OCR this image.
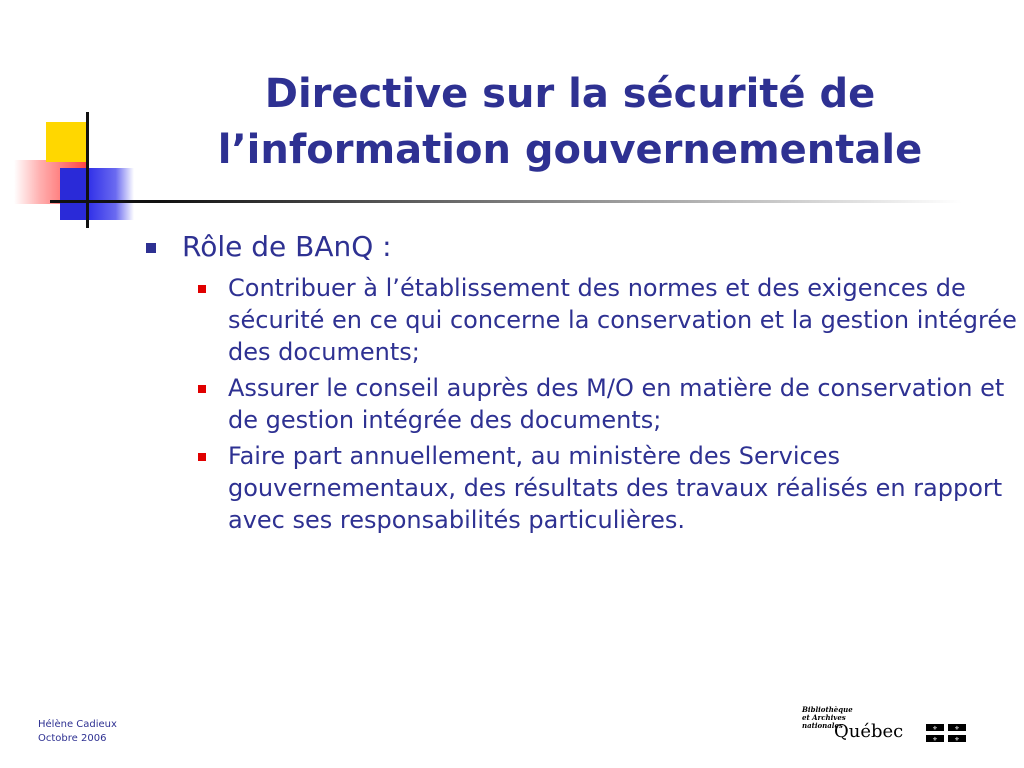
Directive sur la sécurité de
l’information gouvernementale
Rôle de BAnQ :
Contribuer à l’établissement des normes et des exigences de sécurité en ce qui concerne la conservation et la gestion intégrée des documents;
Assurer le conseil auprès des M/O en matière de conservation et de gestion intégrée des documents;
Faire part annuellement, au ministère des Services gouvernementaux, des résultats des travaux réalisés en rapport avec ses responsabilités particulières.
Hélène Cadieux
Octobre 2006
Bibliothèque
et Archives
nationales
Québec	⚜	⚜
⚜	⚜
